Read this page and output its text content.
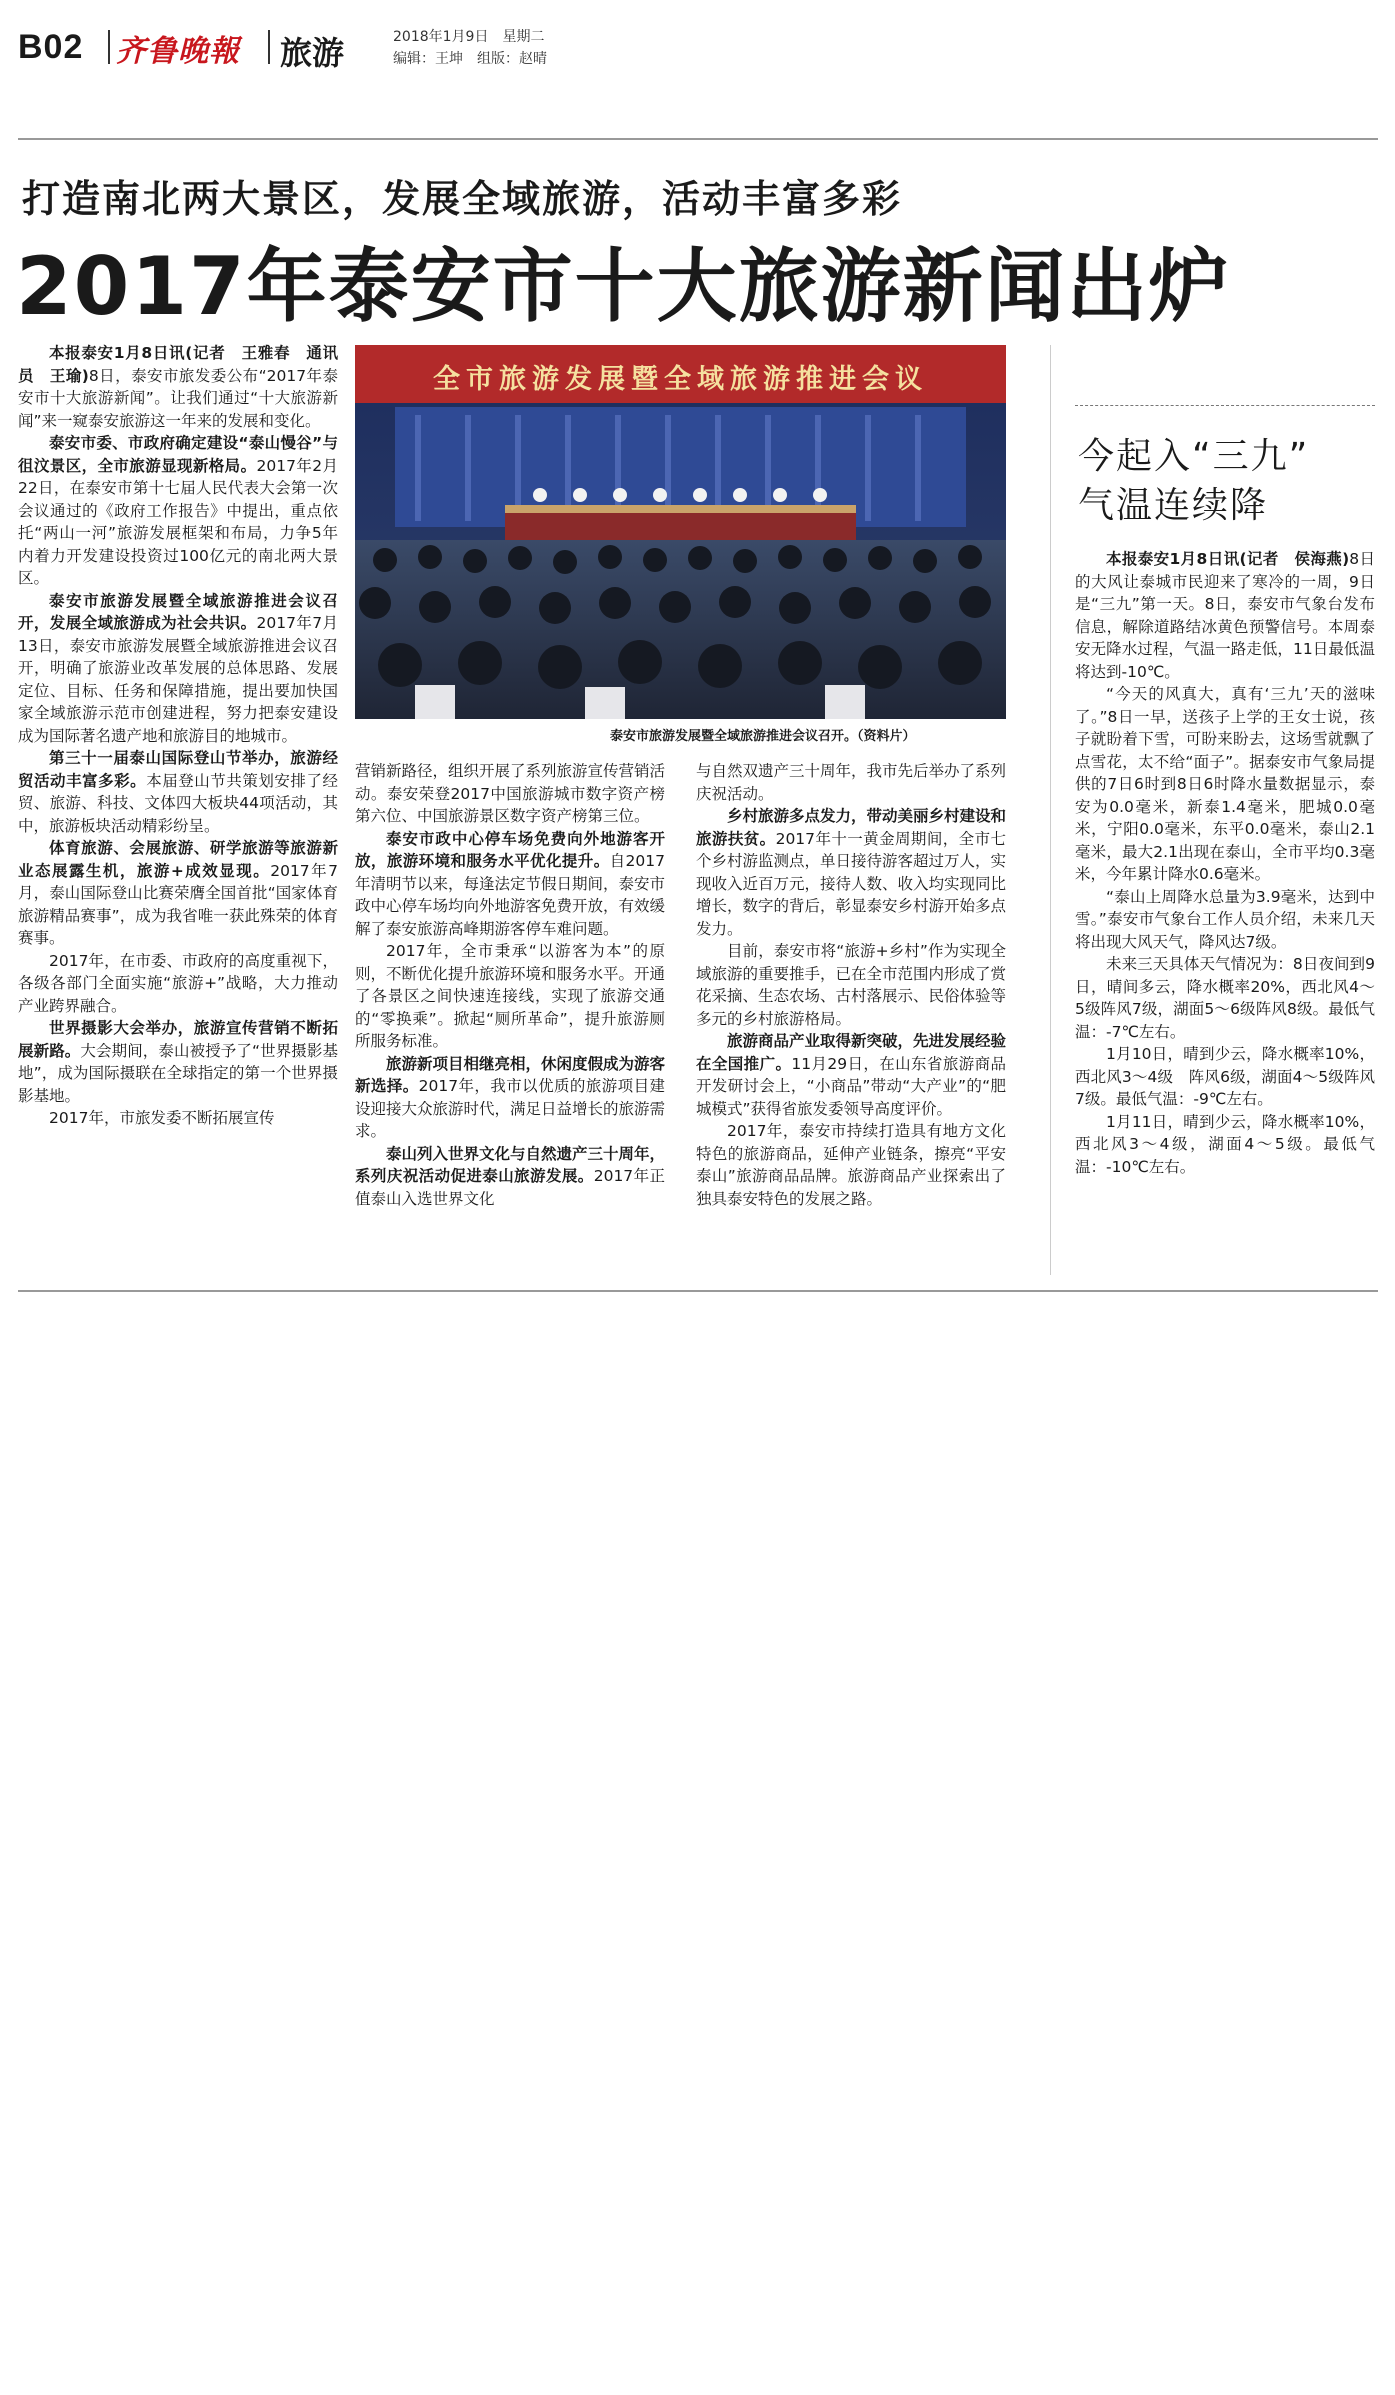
B02 齐鲁晚報 旅游	2018年1月9日　星期二
编辑：王坤　组版：赵晴
打造南北两大景区，发展全域旅游，活动丰富多彩
2017年泰安市十大旅游新闻出炉

本报泰安1月8日讯(记者　王雅春　通讯员　王瑜)8日，泰安市旅发委公布“2017年泰安市十大旅游新闻”。让我们通过“十大旅游新闻”来一窥泰安旅游这一年来的发展和变化。

泰安市委、市政府确定建设“泰山慢谷”与徂汶景区，全市旅游显现新格局。2017年2月22日，在泰安市第十七届人民代表大会第一次会议通过的《政府工作报告》中提出，重点依托“两山一河”旅游发展框架和布局，力争5年内着力开发建设投资过100亿元的南北两大景区。

泰安市旅游发展暨全域旅游推进会议召开，发展全域旅游成为社会共识。2017年7月13日，泰安市旅游发展暨全域旅游推进会议召开，明确了旅游业改革发展的总体思路、发展定位、目标、任务和保障措施，提出要加快国家全域旅游示范市创建进程，努力把泰安建设成为国际著名遗产地和旅游目的地城市。

第三十一届泰山国际登山节举办，旅游经贸活动丰富多彩。本届登山节共策划安排了经贸、旅游、科技、文体四大板块44项活动，其中，旅游板块活动精彩纷呈。

体育旅游、会展旅游、研学旅游等旅游新业态展露生机，旅游+成效显现。2017年7月，泰山国际登山比赛荣膺全国首批“国家体育旅游精品赛事”，成为我省唯一获此殊荣的体育赛事。

2017年，在市委、市政府的高度重视下，各级各部门全面实施“旅游+”战略，大力推动产业跨界融合。

世界摄影大会举办，旅游宣传营销不断拓展新路。大会期间，泰山被授予了“世界摄影基地”，成为国际摄联在全球指定的第一个世界摄影基地。

2017年，市旅发委不断拓展宣传

全市旅游发展暨全域旅游推进会议
泰安市旅游发展暨全域旅游推进会议召开。（资料片）

营销新路径，组织开展了系列旅游宣传营销活动。泰安荣登2017中国旅游城市数字资产榜第六位、中国旅游景区数字资产榜第三位。

泰安市政中心停车场免费向外地游客开放，旅游环境和服务水平优化提升。自2017年清明节以来，每逢法定节假日期间，泰安市政中心停车场均向外地游客免费开放，有效缓解了泰安旅游高峰期游客停车难问题。

2017年，全市秉承“以游客为本”的原则，不断优化提升旅游环境和服务水平。开通了各景区之间快速连接线，实现了旅游交通的“零换乘”。掀起“厕所革命”，提升旅游厕所服务标准。

旅游新项目相继亮相，休闲度假成为游客新选择。2017年，我市以优质的旅游项目建设迎接大众旅游时代，满足日益增长的旅游需求。

泰山列入世界文化与自然遗产三十周年，系列庆祝活动促进泰山旅游发展。2017年正值泰山入选世界文化

与自然双遗产三十周年，我市先后举办了系列庆祝活动。

乡村旅游多点发力，带动美丽乡村建设和旅游扶贫。2017年十一黄金周期间，全市七个乡村游监测点，单日接待游客超过万人，实现收入近百万元，接待人数、收入均实现同比增长，数字的背后，彰显泰安乡村游开始多点发力。

目前，泰安市将“旅游+乡村”作为实现全域旅游的重要推手，已在全市范围内形成了赏花采摘、生态农场、古村落展示、民俗体验等多元的乡村旅游格局。

旅游商品产业取得新突破，先进发展经验在全国推广。11月29日，在山东省旅游商品开发研讨会上，“小商品”带动“大产业”的“肥城模式”获得省旅发委领导高度评价。

2017年，泰安市持续打造具有地方文化特色的旅游商品，延伸产业链条，擦亮“平安泰山”旅游商品品牌。旅游商品产业探索出了独具泰安特色的发展之路。

今起入“三九”
气温连续降

本报泰安1月8日讯(记者　侯海燕)8日的大风让泰城市民迎来了寒冷的一周，9日是“三九”第一天。8日，泰安市气象台发布信息，解除道路结冰黄色预警信号。本周泰安无降水过程，气温一路走低，11日最低温将达到-10℃。

“今天的风真大，真有‘三九’天的滋味了。”8日一早，送孩子上学的王女士说，孩子就盼着下雪，可盼来盼去，这场雪就飘了点雪花，太不给“面子”。据泰安市气象局提供的7日6时到8日6时降水量数据显示，泰安为0.0毫米，新泰1.4毫米，肥城0.0毫米，宁阳0.0毫米，东平0.0毫米，泰山2.1毫米，最大2.1出现在泰山，全市平均0.3毫米，今年累计降水0.6毫米。

“泰山上周降水总量为3.9毫米，达到中雪。”泰安市气象台工作人员介绍，未来几天将出现大风天气，降风达7级。

未来三天具体天气情况为：8日夜间到9日，晴间多云，降水概率20%，西北风4～5级阵风7级，湖面5～6级阵风8级。最低气温：-7℃左右。

1月10日，晴到少云，降水概率10%，西北风3～4级　阵风6级，湖面4～5级阵风7级。最低气温：-9℃左右。

1月11日，晴到少云，降水概率10%，西北风3～4级，湖面4～5级。最低气温：-10℃左右。
